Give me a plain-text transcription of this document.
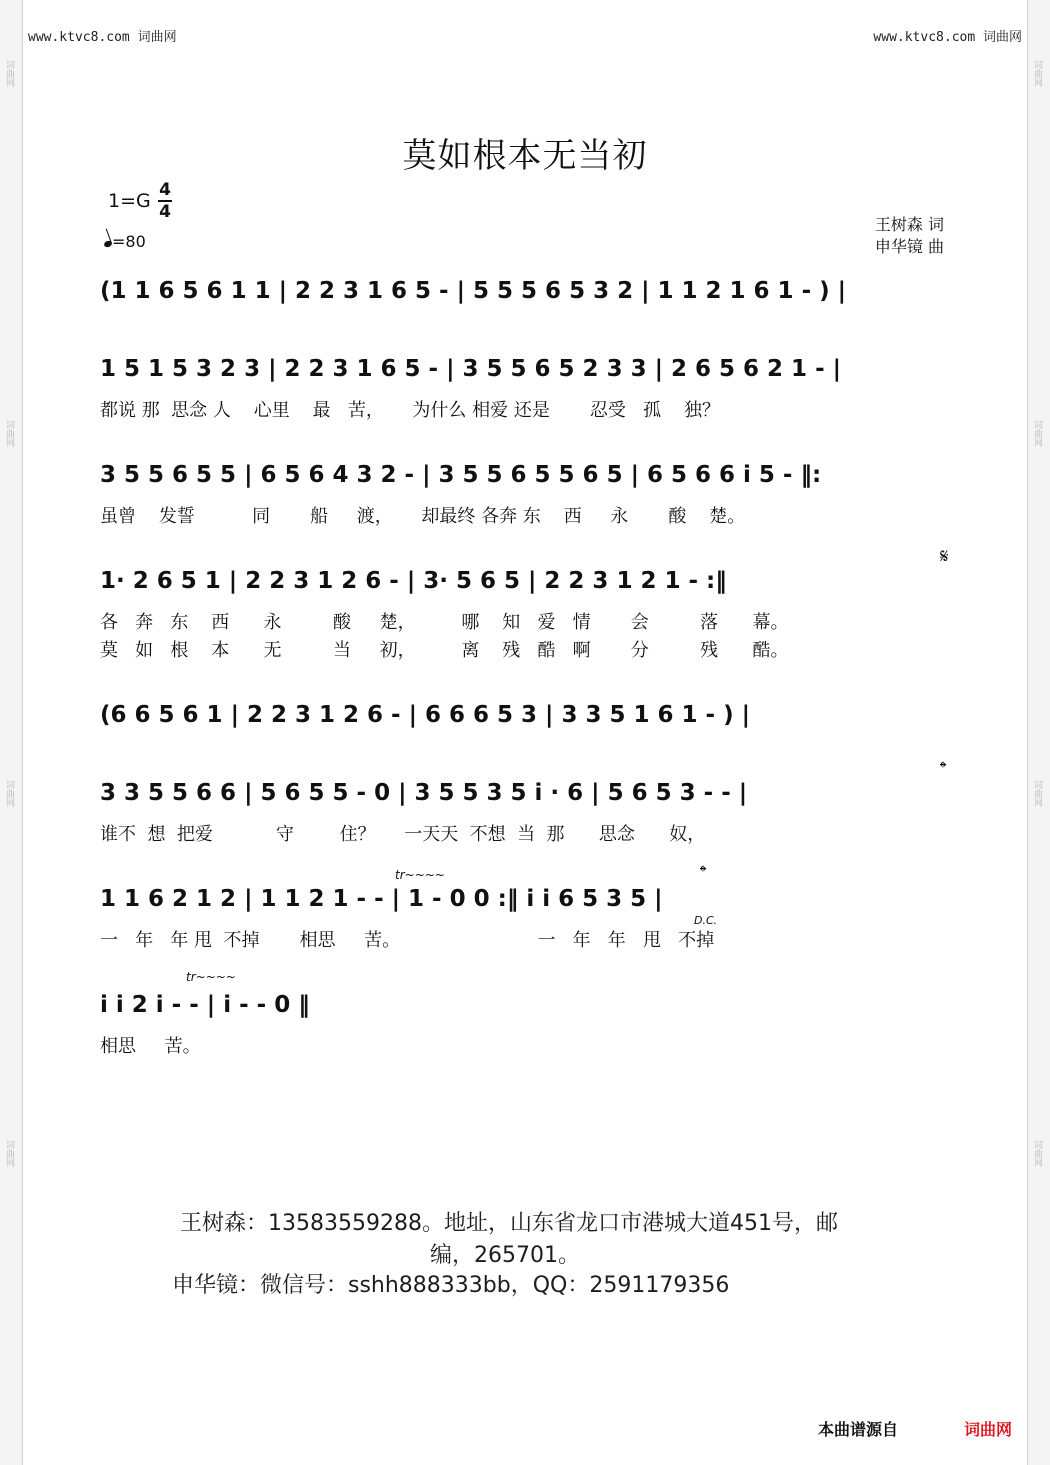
词曲网
词曲网
词曲网
词曲网
词曲网
词曲网
词曲网
词曲网
www.ktvc8.com 词曲网	www.ktvc8.com 词曲网
莫如根本无当初
1=G 4
4
=80
王树森 词
申华镜 曲
(1 1 6 5 6 1 1 | 2 2 3 1 6 5 - | 5 5 5 6 5 3 2 | 1 1 2 1 6 1 - ) |
1 5 1 5 3 2 3 | 2 2 3 1 6 5 - | 3 5 5 6 5 2 3 3 | 2 6 5 6 2 1 - |
都说 那  思念 人    心里    最   苦，     为什么 相爱 还是       忍受   孤    独？
3 5 5 6 5 5 | 6 5 6 4 3 2 - | 3 5 5 6 5 5 6 5 | 6 5 6 6 i 5 - ‖:
虽曾    发誓          同       船     渡，     却最终 各奔 东    西     永       酸    楚。
1· 2 6 5 1 | 2 2 3 1 2 6 - | 3· 5 6 5 | 2 2 3 1 2 1 - :‖
𝄋
各   奔   东    西      永         酸     楚，        哪    知   爱   情       会         落      幕。
莫   如   根    本      无         当     初，        离    残   酷   啊       分         残      酷。
(6 6 5 6 1 | 2 2 3 1 2 6 - | 6 6 6 5 3 | 3 3 5 1 6 1 - ) |
3 3 5 5 6 6 | 5 6 5 5 - 0 | 3 5 5 3 5 i · 6 | 5 6 5 3 - - |
𝄌
谁不  想  把爱           守        住？     一天天  不想  当  那      思念      奴，
1 1 6 2 1 2 | 1 1 2 1 - - | 1 - 0 0 :‖ i i 6 5 3 5 |
tr~~~~	𝄌
D.C.
一   年   年 甩  不掉       相思     苦。                        一   年   年   甩   不掉
i i 2 i - - | i - - 0 ‖
tr~~~~
相思     苦。
王树森：13583559288。地址，山东省龙口市港城大道451号，邮
编，265701。
申华镜：微信号：sshh888333bb，QQ：2591179356
本曲谱源自	词曲网
